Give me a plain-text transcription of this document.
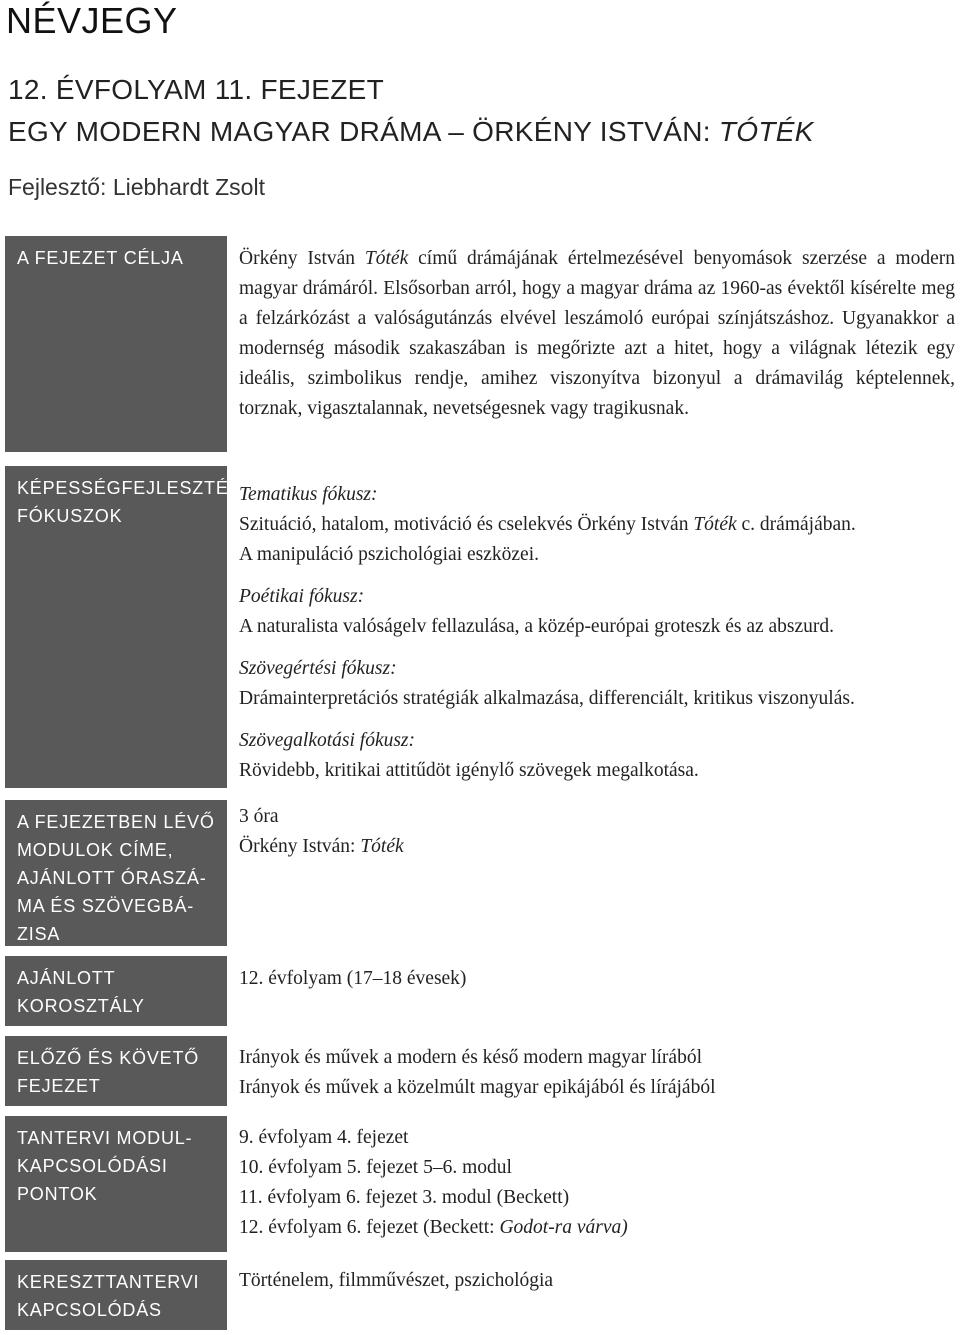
NÉVJEGY
12. ÉVFOLYAM 11. FEJEZET
EGY MODERN MAGYAR DRÁMA – ÖRKÉNY ISTVÁN: TÓTÉK
Fejlesztő: Liebhardt Zsolt
A FEJEZET CÉLJA	Örkény István Tóték című drámájának értelmezésével benyomások szerzése a modern magyar drámáról. Elsősorban arról, hogy a magyar dráma az 1960-as évektől kísérelte meg a felzárkózást a valóságutánzás elvével leszámoló európai színjátszáshoz. Ugyanakkor a modernség második szakaszában is megőrizte azt a hitet, hogy a világnak létezik egy ideális, szimbolikus rendje, amihez viszonyítva bizonyul a drámavilág képtelennek, torznak, vigasztalannak, nevetségesnek vagy tragikusnak.

KÉPESSÉGFEJLESZTÉSI
FÓKUSZOK

Tematikus fókusz:

Szituáció, hatalom, motiváció és cselekvés Örkény István Tóték c. drámájában.

A manipuláció pszichológiai eszközei.

Poétikai fókusz:

A naturalista valóságelv fellazulása, a közép-európai groteszk és az abszurd.

Szövegértési fókusz:

Drámainterpretációs stratégiák alkalmazása, differenciált, kritikus viszonyulás.

Szövegalkotási fókusz:

Rövidebb, kritikai attitűdöt igénylő szövegek megalkotása.

A FEJEZETBEN LÉVŐ
MODULOK CÍME,
AJÁNLOTT ÓRASZÁ-
MA ÉS SZÖVEGBÁ-
ZISA

3 óra

Örkény István: Tóték

AJÁNLOTT
KOROSZTÁLY

12. évfolyam (17–18 évesek)

ELŐZŐ ÉS KÖVETŐ
FEJEZET

Irányok és művek a modern és késő modern magyar lírából

Irányok és művek a közelmúlt magyar epikájából és lírájából

TANTERVI MODUL-
KAPCSOLÓDÁSI
PONTOK

9. évfolyam 4. fejezet

10. évfolyam 5. fejezet 5–6. modul

11. évfolyam 6. fejezet 3. modul (Beckett)

12. évfolyam 6. fejezet (Beckett: Godot-ra várva)

KERESZTTANTERVI
KAPCSOLÓDÁS

Történelem, filmművészet, pszichológia
